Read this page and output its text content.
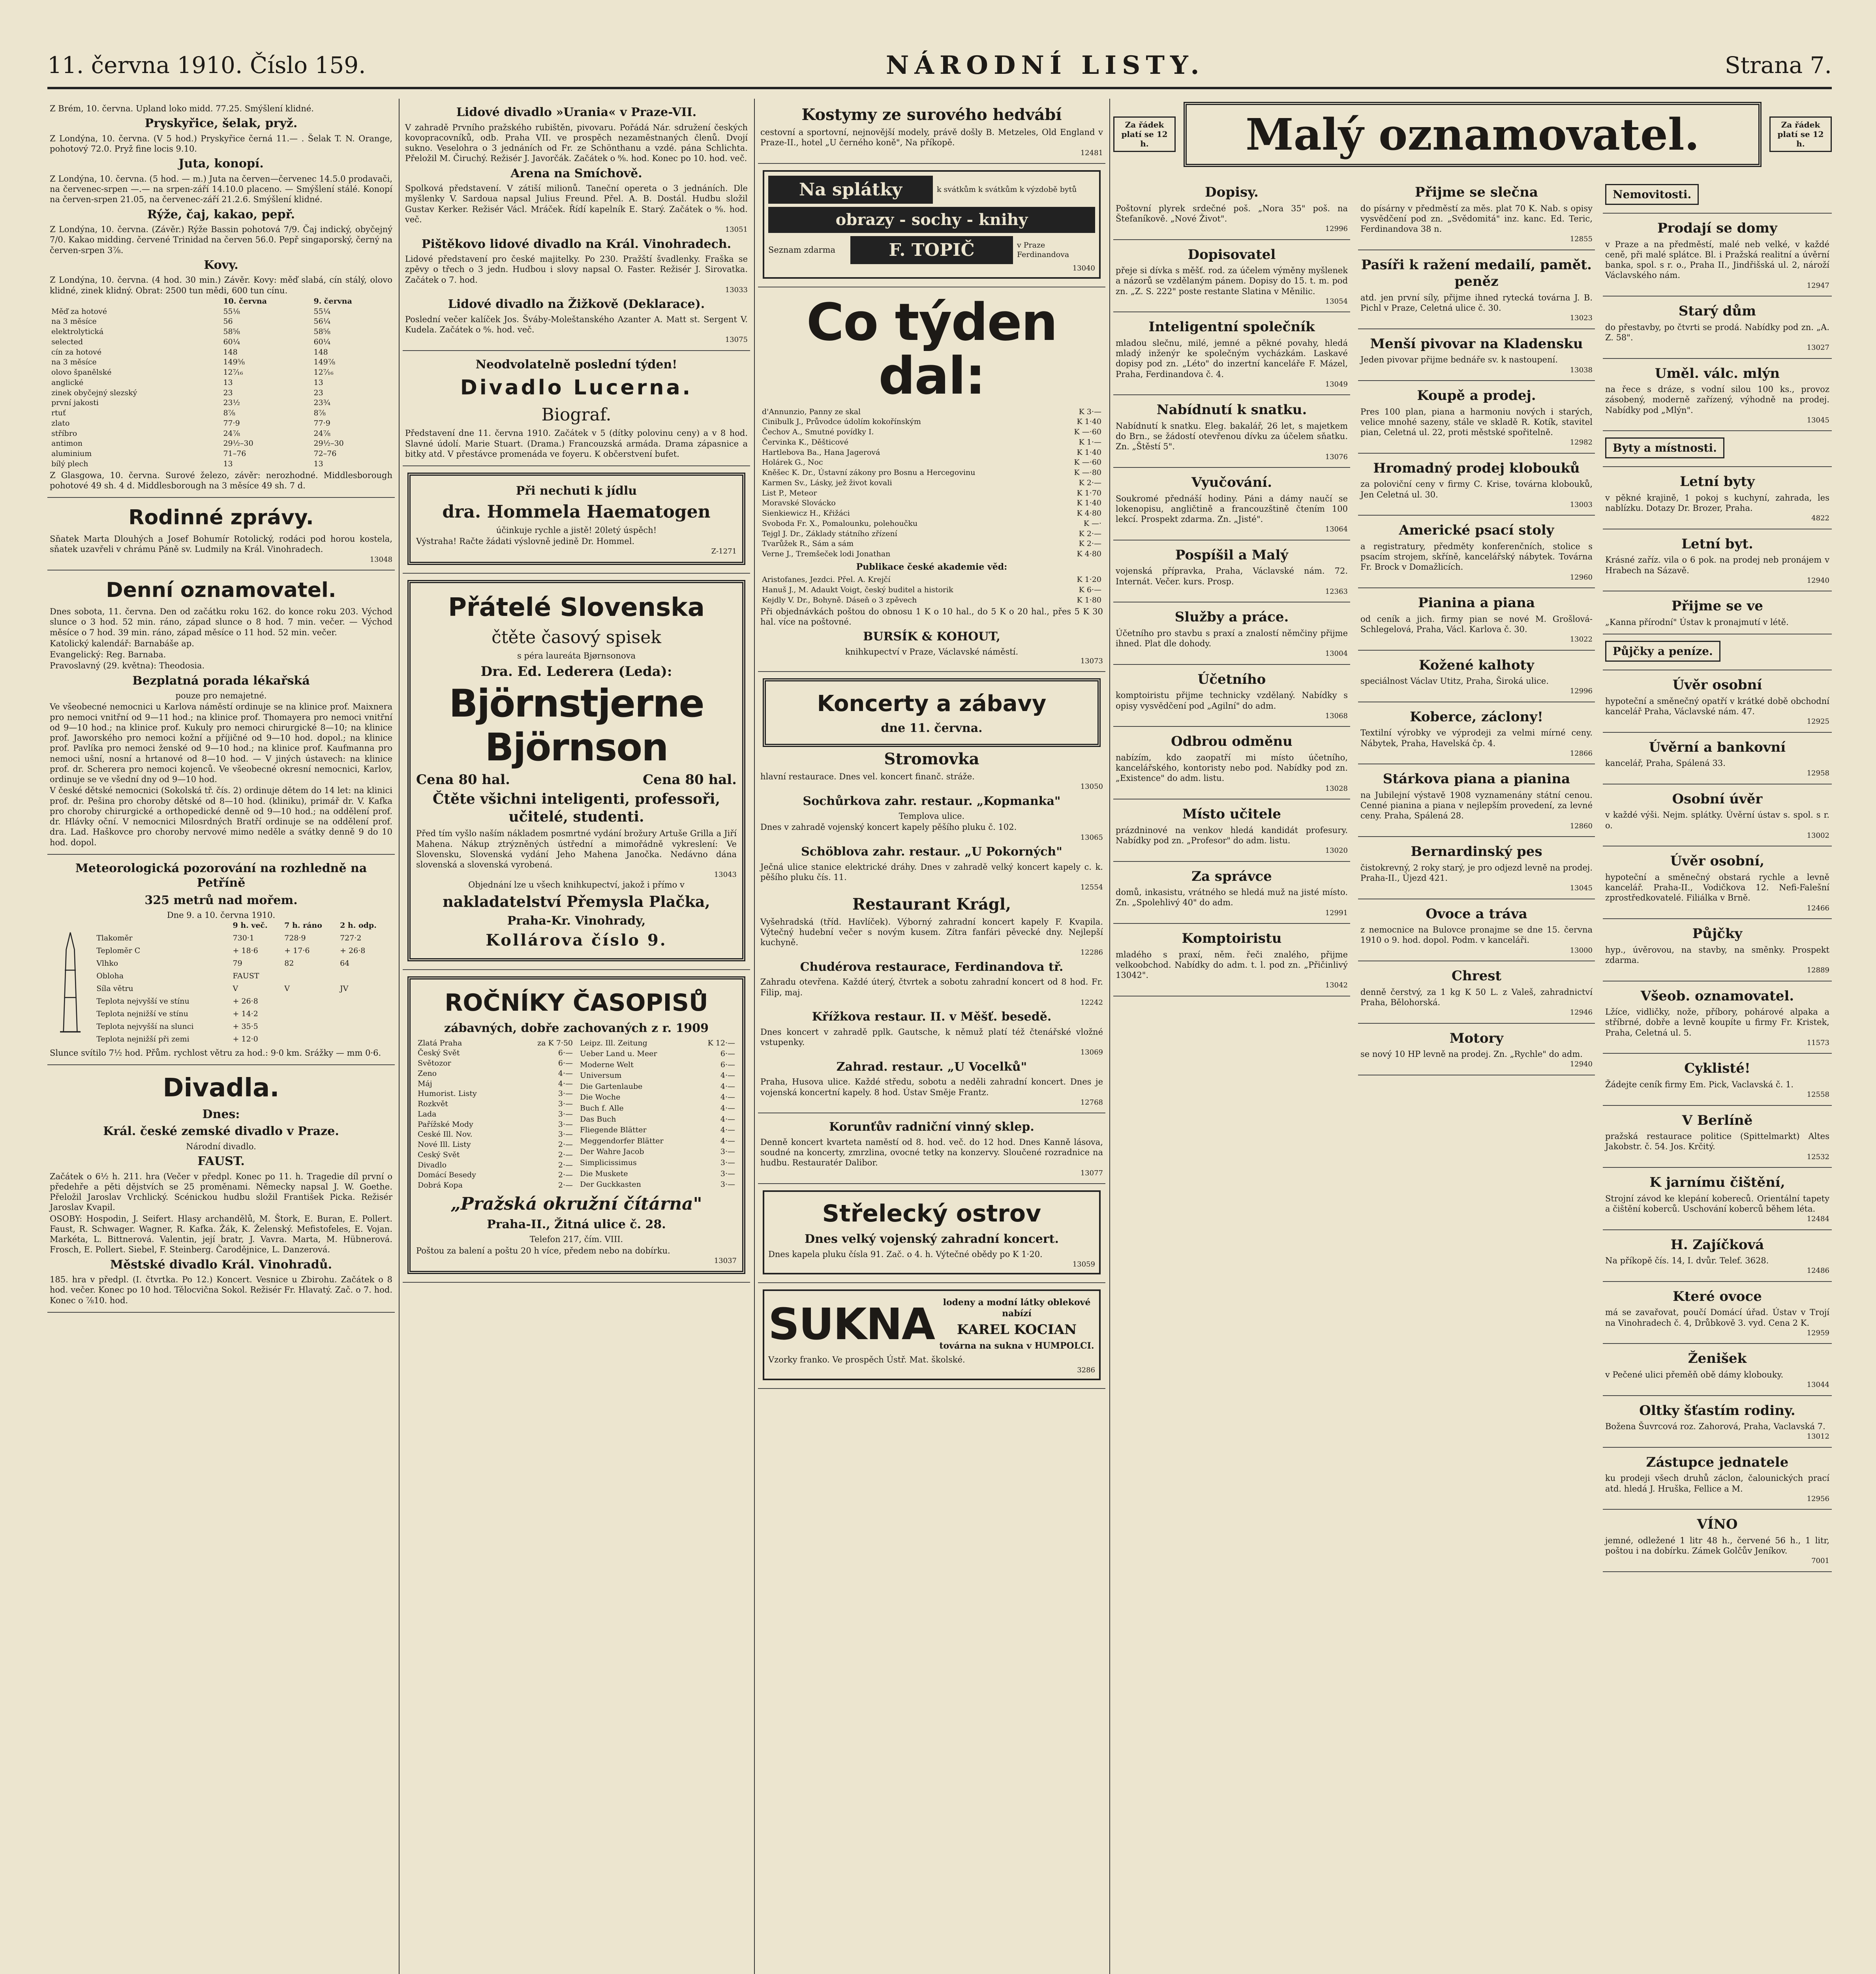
11. června 1910. Číslo 159.	NÁRODNÍ LISTY.	Strana 7.

Z Brém, 10. června. Upland loko midd. 77.25. Smýšlení klidné.

Pryskyřice, šelak, pryž.

Z Londýna, 10. června. (V 5 hod.) Pryskyřice černá 11.— . Šelak T. N. Orange, pohotový 72.0. Pryž fine locis 9.10.

Juta, konopí.

Z Londýna, 10. června. (5 hod. — m.) Juta na červen—červenec 14.5.0 prodavači, na červenec-srpen —.— na srpen-září 14.10.0 placeno. — Smýšlení stálé. Konopí na červen-srpen 21.05, na červenec-září 21.2.6. Smýšlení klidné.

Rýže, čaj, kakao, pepř.

Z Londýna, 10. června. (Závěr.) Rýže Bassin pohotová 7/9. Čaj indický, obyčejný 7/0. Kakao midding. červené Trinidad na červen 56.0. Pepř singaporský, černý na červen-srpen 3⅞.

Kovy.

Z Londýna, 10. června. (4 hod. 30 min.) Závěr. Kovy: měď slabá, cín stálý, olovo klidné, zinek klidný. Obrat: 2500 tun mědi, 600 tun cínu.

	10. června	9. června
Měď za hotové	55⅛	55¼
na 3 měsíce	56	56¼
elektrolytická	58⅝	58⅝
selected	60¼	60¼
cín za hotové	148	148
na 3 měsíce	149⅝	149⅞
olovo španělské	12⁷⁄₁₆	12⁷⁄₁₆
anglické	13	13
zinek obyčejný slezský	23	23
první jakosti	23½	23¾
rtuť	8⅞	8⅞
zlato	77·9	77·9
stříbro	24⅞	24⅞
antimon	29½–30	29½–30
aluminium	71–76	72–76
bílý plech	13	13

Z Glasgowa, 10. června. Surové železo, závěr: nerozhodné. Middlesborough pohotové 49 sh. 4 d. Middlesborough na 3 měsíce 49 sh. 7 d.

Rodinné zprávy.

Sňatek Marta Dlouhých a Josef Bohumír Rotolický, rodáci pod horou kostela, sňatek uzavřeli v chrámu Páně sv. Ludmily na Král. Vinohradech.

13048
Denní oznamovatel.

Dnes sobota, 11. června. Den od začátku roku 162. do konce roku 203. Východ slunce o 3 hod. 52 min. ráno, západ slunce o 8 hod. 7 min. večer. — Východ měsíce o 7 hod. 39 min. ráno, západ měsíce o 11 hod. 52 min. večer.

Katolický kalendář: Barnabáše ap.

Evangelický: Reg. Barnaba.

Pravoslavný (29. května): Theodosia.

Bezplatná porada lékařská
pouze pro nemajetné.

Ve všeobecné nemocnici u Karlova náměstí ordinuje se na klinice prof. Maixnera pro nemoci vnitřní od 9—11 hod.; na klinice prof. Thomayera pro nemoci vnitřní od 9—10 hod.; na klinice prof. Kukuly pro nemoci chirurgické 8—10; na klinice prof. Jaworského pro nemoci kožní a příjičné od 9—10 hod. dopol.; na klinice prof. Pavlíka pro nemoci ženské od 9—10 hod.; na klinice prof. Kaufmanna pro nemoci ušní, nosní a hrtanové od 8—10 hod. — V jiných ústavech: na klinice prof. dr. Scherera pro nemoci kojenců. Ve všeobecné okresní nemocnici, Karlov, ordinuje se ve všední dny od 9—10 hod.

V české dětské nemocnici (Sokolská tř. čís. 2) ordinuje dětem do 14 let: na klinici prof. dr. Pešina pro choroby dětské od 8—10 hod. (kliniku), primář dr. V. Kafka pro choroby chirurgické a orthopedické denně od 9—10 hod.; na oddělení prof. dr. Hlávky oční. V nemocnici Milosrdných Bratří ordinuje se na oddělení prof. dra. Lad. Haškovce pro choroby nervové mimo neděle a svátky denně 9 do 10 hod. dopol.

Meteorologická pozorování na rozhledně na Petříně
325 metrů nad mořem.
Dne 9. a 10. června 1910.
	9 h. več.	7 h. ráno	2 h. odp.
Tlakoměr	730·1	728·9	727·2
Teploměr C	+ 18·6	+ 17·6	+ 26·8
Vlhko	79	82	64
Obloha	FAUST		
Síla větru	V	V	JV
Teplota nejvyšší ve stínu	+ 26·8		
Teplota nejnižší ve stínu	+ 14·2		
Teplota nejvyšší na slunci	+ 35·5		
Teplota nejnižší při zemi	+ 12·0		

Slunce svítilo 7½ hod. Přům. rychlost větru za hod.: 9·0 km. Srážky — mm 0·6.

Divadla.
Dnes:
Král. české zemské divadlo v Praze.
Národní divadlo.
FAUST.

Začátek o 6½ h. 211. hra (Večer v předpl. Konec po 11. h. Tragedie díl první o předehře a pěti dějstvích se 25 proměnami. Německy napsal J. W. Goethe. Přeložil Jaroslav Vrchlický. Scénickou hudbu složil František Picka. Režisér Jaroslav Kvapil.

OSOBY: Hospodin, J. Seifert. Hlasy archandělů, M. Štork, E. Buran, E. Pollert. Faust, R. Schwager. Wagner, R. Kafka. Žák, K. Želenský. Mefistofeles, E. Vojan. Markéta, L. Bittnerová. Valentin, její bratr, J. Vavra. Marta, M. Hübnerová. Frosch, E. Pollert. Siebel, F. Steinberg. Čarodějnice, L. Danzerová.

Městské divadlo Král. Vinohradů.

185. hra v předpl. (I. čtvrtka. Po 12.) Koncert. Vesnice u Zbirohu. Začátek o 8 hod. večer. Konec po 10 hod. Tělocvična Sokol. Režisér Fr. Hlavatý. Zač. o 7. hod. Konec o ⅞10. hod.

Lidové divadlo »Urania« v Praze-VII.

V zahradě Prvního pražského rubištěn, pivovaru. Pořádá Nár. sdružení českých kovopracovníků, odb. Praha VII. ve prospěch nezaměstnaných členů. Dvojí sukno. Veselohra o 3 jednáních od Fr. ze Schönthanu a vzdé. pána Schlichta. Přeložil M. Čiruchý. Režisér J. Javorčák. Začátek o ⁸⁄₈. hod. Konec po 10. hod. več.

Arena na Smíchově.

Spolková představení. V zátiší milionů. Taneční opereta o 3 jednáních. Dle myšlenky V. Sardoua napsal Julius Freund. Přel. A. B. Dostál. Hudbu složil Gustav Kerker. Režisér Václ. Mráček. Řídí kapelník E. Starý. Začátek o ⁸⁄₈. hod. več.

13051
Pištěkovo lidové divadlo na Král. Vinohradech.

Lidové představení pro české majitelky. Po 230. Pražští švadlenky. Fraška se zpěvy o třech o 3 jedn. Hudbou i slovy napsal O. Faster. Režisér J. Sirovatka. Začátek o 7. hod.

13033
Lidové divadlo na Žižkově (Deklarace).

Poslední večer kalíček Jos. Šváby-Moleštanského Azanter A. Matt st. Sergent V. Kudela. Začátek o ⁸⁄₈. hod. več.

13075
Neodvolatelně poslední týden!
Divadlo Lucerna.
Biograf.

Představení dne 11. června 1910. Začátek v 5 (dítky polovinu ceny) a v 8 hod. Slavné údolí. Marie Stuart. (Drama.) Francouzská armáda. Drama zápasnice a bitky atd. V přestávce promenáda ve foyeru. K občerstvení bufet.

Při nechuti k jídlu
dra. Hommela Haematogen
účinkuje rychle a jistě! 20letý úspěch!

Výstraha! Račte žádati výslovně jedině Dr. Hommel.

Z-1271
Přátelé Slovenska
čtěte časový spisek
s péra laureáta Bjørnsonova
Dra. Ed. Lederera (Leda):
Björnstjerne
Björnson
Cena 80 hal.	Cena 80 hal.
Čtěte všichni inteligenti, professoři, učitelé, studenti.

Před tím vyšlo naším nákladem posmrtné vydání brožury Artuše Grilla a Jiří Mahena. Nákup ztrýzněných ústřední a mimořádně vykreslení: Ve Slovensku, Slovenská vydání Jeho Mahena Janočka. Nedávno dána slovenská a slovenská vyrobená.

13043
Objednání lze u všech knihkupectví, jakož i přímo v
nakladatelství Přemysla Plačka,
Praha-Kr. Vinohrady,
Kollárova číslo 9.
ROČNÍKY ČASOPISŮ
zábavných, dobře zachovaných z r. 1909
Zlatá Praha	za K 7·50
Český Svět	6·—
Světozor	6·—
Zeno	4·—
Máj	4·—
Humorist. Listy	3·—
Rozkvět	3·—
Lada	3·—
Pařížské Mody	3·—
Ceské Ill. Nov.	3·—
Nové Ill. Listy	2·—
Ceský Svět	2·—
Divadlo	2·—
Domácí Besedy	2·—
Dobrá Kopa	2·—
Leipz. Ill. Zeitung	K 12·—
Ueber Land u. Meer	6·—
Moderne Welt	6·—
Universum	4·—
Die Gartenlaube	4·—
Die Woche	4·—
Buch f. Alle	4·—
Das Buch	4·—
Fliegende Blätter	4·—
Meggendorfer Blätter	4·—
Der Wahre Jacob	3·—
Simplicissimus	3·—
Die Muskete	3·—
Der Guckkasten	3·—
„Pražská okružní čítárna"
Praha-II., Žitná ulice č. 28.
Telefon 217, čím. VIII.

Poštou za balení a poštu 20 h více, předem nebo na dobírku.

13037
Kostymy ze surového hedvábí

cestovní a sportovní, nejnovější modely, právě došly B. Metzeles, Old England v Praze-II., hotel „U černého koně", Na příkopě.

12481
Na splátky	k svátkům k svátkům k výzdobě bytů
obrazy - sochy - knihy
Seznam zdarma	F. TOPIČ	v Praze Ferdinandova
13040
Co týden dal:
d'Annunzio, Panny ze skal	K 3·—
Cinibulk J., Průvodce údolím kokořínským	K 1·40
Čechov A., Smutné povídky I.	K —·60
Červinka K., Děšticové	K 1·—
Hartlebova Ba., Hana Jagerová	K 1·40
Holárek G., Noc	K —·60
Kněšec K. Dr., Ústavní zákony pro Bosnu a Hercegovinu	K —·80
Karmen Sv., Lásky, jež život kovali	K 2·—
List P., Meteor	K 1·70
Moravské Slovácko	K 1·40
Sienkiewicz H., Křižáci	K 4·80
Svoboda Fr. X., Pomalounku, polehoučku	K —·
Tejgl J. Dr., Základy státního zřízení	K 2·—
Tvarůžek R., Sám a sám	K 2·—
Verne J., Tremšeček lodi Jonathan	K 4·80
Publikace české akademie věd:
Aristofanes, Jezdci. Přel. A. Krejčí	K 1·20
Hanuš J., M. Adaukt Voigt, český buditel a historik	K 6·—
Kejdly V. Dr., Bohyně. Dáseň o 3 zpěvech	K 1·80

Při objednávkách poštou do obnosu 1 K o 10 hal., do 5 K o 20 hal., přes 5 K 30 hal. více na poštovné.

BURSÍK & KOHOUT,
knihkupectví v Praze, Václavské náměstí.
13073
Koncerty a zábavy
dne 11. června.
Stromovka

hlavní restaurace. Dnes vel. koncert finanč. stráže.

13050
Sochůrkova zahr. restaur. „Kopmanka"
Templova ulice.

Dnes v zahradě vojenský koncert kapely pěšího pluku č. 102.

13065
Schöblova zahr. restaur. „U Pokorných"

Ječná ulice stanice elektrické dráhy. Dnes v zahradě velký koncert kapely c. k. pěšího pluku čís. 11.

12554
Restaurant Krágl,

Vyšehradská (tříd. Havlíček). Výborný zahradní koncert kapely F. Kvapila. Výtečný hudební večer s novým kusem. Zítra fanfári pěvecké dny. Nejlepší kuchyně.

12286
Chudérova restaurace, Ferdinandova tř.

Zahradu otevřena. Každé úterý, čtvrtek a sobotu zahradní koncert od 8 hod. Fr. Filip, maj.

12242
Křížkova restaur. II. v Měšť. besedě.

Dnes koncert v zahradě pplk. Gautsche, k němuž platí též čtenářské vložné vstupenky.

13069
Zahrad. restaur. „U Vocelků"

Praha, Husova ulice. Každé středu, sobotu a neděli zahradní koncert. Dnes je vojenská koncertní kapely. 8 hod. Ústav Směje Frantz.

12768
Korunťův radniční vinný sklep.

Denně koncert kvarteta naměstí od 8. hod. več. do 12 hod. Dnes Kanně lásova, soudné na koncerty, zmrzlina, ovocné tetky na konzervy. Sloučené rozradnice na hudbu. Restauratér Dalibor.

13077
Střelecký ostrov
Dnes velký vojenský zahradní koncert.

Dnes kapela pluku čísla 91. Zač. o 4. h. Výtečné obědy po K 1·20.

13059
SUKNA lodeny a modní látky oblekové nabízí
KAREL KOCIAN
továrna na sukna v HUMPOLCI.

Vzorky franko. Ve prospěch Ústř. Mat. školské.

3286
Za řádek platí se 12 h.	Malý oznamovatel.	Za řádek platí se 12 h.
Dopisy.

Poštovní plyrek srdečné poš. „Nora 35" poš. na Štefaníkově. „Nové Život".

12996
Dopisovatel

přeje si dívka s měšť. rod. za účelem výměny myšlenek a názorů se vzdělaným pánem. Dopisy do 15. t. m. pod zn. „Z. S. 222" poste restante Slatina v Měnilic.

13054
Inteligentní společník

mladou slečnu, milé, jemné a pěkné povahy, hledá mladý inženýr ke společným vycházkám. Laskavé dopisy pod zn. „Léto" do inzertní kanceláře F. Mázel, Praha, Ferdinandova č. 4.

13049
Nabídnutí k snatku.

Nabídnutí k snatku. Eleg. bakalář, 26 let, s majetkem do Brn., se žádostí otevřenou dívku za účelem sňatku. Zn. „Štěstí 5".

13076
Vyučování.

Soukromé přednáší hodiny. Páni a dámy naučí se lokenopisu, angličtině a francouzštině čtením 100 lekcí. Prospekt zdarma. Zn. „Jisté".

13064
Pospíšil a Malý

vojenská přípravka, Praha, Václavské nám. 72. Internát. Večer. kurs. Prosp.

12363
Služby a práce.

Účetního pro stavbu s praxí a znalostí němčiny přijme ihned. Plat dle dohody.

13004
Účetního

komptoiristu přijme technicky vzdělaný. Nabídky s opisy vysvědčení pod „Agilní" do adm.

13068
Odbrou odměnu

nabízím, kdo zaopatří mi místo účetního, kancelářského, kontoristy nebo pod. Nabídky pod zn. „Existence" do adm. listu.

13028
Místo učitele

prázdninové na venkov hledá kandidát profesury. Nabídky pod zn. „Profesor" do adm. listu.

13020
Za správce

domů, inkasistu, vrátného se hledá muž na jisté místo. Zn. „Spolehlivý 40" do adm.

12991
Komptoiristu

mladého s praxí, něm. řeči znalého, přijme velkoobchod. Nabídky do adm. t. l. pod zn. „Přičinlivý 13042".

13042
Přijme se slečna

do písárny v předměstí za měs. plat 70 K. Nab. s opisy vysvědčení pod zn. „Svědomitá" inz. kanc. Ed. Teric, Ferdinandova 38 n.

12855
Pasíři k ražení medailí, pamět. peněz

atd. jen první síly, přijme ihned rytecká továrna J. B. Pichl v Praze, Celetná ulice č. 30.

13023
Menší pivovar na Kladensku

Jeden pivovar přijme bednáře sv. k nastoupení.

13038
Koupě a prodej.

Pres 100 plan, piana a harmoniu nových i starých, velice mnohé sazeny, stále ve skladě R. Kotík, stavitel pian, Celetná ul. 22, proti městské spořitelně.

12982
Hromadný prodej klobouků

za poloviční ceny v firmy C. Krise, továrna klobouků, Jen Celetná ul. 30.

13003
Americké psací stoly

a registratury, předměty konferenčních, stolice s psacím strojem, skříně, kancelářský nábytek. Továrna Fr. Brock v Domažlicích.

12960
Pianina a piana

od ceník a jich. firmy pian se nové M. Grošlová-Schlegelová, Praha, Václ. Karlova č. 30.

13022
Kožené kalhoty

speciálnost Václav Utitz, Praha, Široká ulice.

12996
Koberce, záclony!

Textilní výrobky ve výprodeji za velmi mírné ceny. Nábytek, Praha, Havelská čp. 4.

12866
Stárkova piana a pianina

na Jubilejní výstavě 1908 vyznamenány státní cenou. Cenné pianina a piana v nejlepším provedení, za levné ceny. Praha, Spálená 28.

12860
Bernardinský pes

čistokrevný, 2 roky starý, je pro odjezd levně na prodej. Praha-II., Újezd 421.

13045
Ovoce a tráva

z nemocnice na Bulovce pronajme se dne 15. června 1910 o 9. hod. dopol. Podm. v kanceláři.

13000
Chrest

denně čerstvý, za 1 kg K 50 L. z Valeš, zahradnictví Praha, Bělohorská.

12946
Motory

se nový 10 HP levně na prodej. Zn. „Rychle" do adm.

12940
Nemovitosti.
Prodají se domy

v Praze a na předměstí, malé neb velké, v každé ceně, při malé splátce. Bl. i Pražská realitní a úvěrní banka, spol. s r. o., Praha II., Jindřišská ul. 2, nároží Václavského nám.

12947
Starý dům

do přestavby, po čtvrti se prodá. Nabídky pod zn. „A. Z. 58".

13027
Uměl. válc. mlýn

na řece s dráze, s vodní silou 100 ks., provoz zásobený, moderně zařízený, výhodně na prodej. Nabídky pod „Mlýn".

13045
Byty a místnosti.
Letní byty

v pěkné krajině, 1 pokoj s kuchyní, zahrada, les nablízku. Dotazy Dr. Brozer, Praha.

4822
Letní byt.

Krásné zaříz. vila o 6 pok. na prodej neb pronájem v Hrabech na Sázavě.

12940
Přijme se ve

„Kanna přírodní" Ústav k pronajmutí v létě.

Půjčky a peníze.
Úvěr osobní

hypoteční a směnečný opatří v krátké době obchodní kancelář Praha, Václavské nám. 47.

12925
Úvěrní a bankovní

kancelář, Praha, Spálená 33.

12958
Osobní úvěr

v každé výši. Nejm. splátky. Úvěrní ústav s. spol. s r. o.

13002
Úvěr osobní,

hypoteční a směnečný obstará rychle a levně kancelář. Praha-II., Vodičkova 12. Nefi-Falešní zprostředkovatelé. Filiálka v Brně.

12466
Půjčky

hyp., úvěrovou, na stavby, na směnky. Prospekt zdarma.

12889
Všeob. oznamovatel.

Lžíce, vidličky, nože, příbory, pohárové alpaka a stříbrné, dobře a levně koupíte u firmy Fr. Kristek, Praha, Celetná ul. 5.

11573
Cyklisté!

Žádejte ceník firmy Em. Pick, Vaclavská č. 1.

12558
V Berlíně

pražská restaurace politice (Spittelmarkt) Altes Jakobstr. č. 54. Jos. Krčitý.

12532
K jarnímu čištění,

Strojní závod ke klepání kobereců. Orientální tapety a čištění koberců. Uschování koberců během léta.

12484
H. Zajíčková

Na příkopě čís. 14, I. dvůr. Telef. 3628.

12486
Které ovoce

má se zavařovat, poučí Domácí úřad. Ústav v Trojí na Vinohradech č. 4, Drůbkově 3. vyd. Cena 2 K.

12959
Ženišek

v Pečené ulici přeměň obě dámy klobouky.

13044
Oltky šťastím rodiny.

Božena Šuvrcová roz. Zahorová, Praha, Vaclavská 7.

13012
Zástupce jednatele

ku prodeji všech druhů záclon, čalounických prací atd. hledá J. Hruška, Fellice a M.

12956
VÍNO

jemné, odležené 1 litr 48 h., červené 56 h., 1 litr, poštou i na dobírku. Zámek Golčův Jeníkov.

7001
